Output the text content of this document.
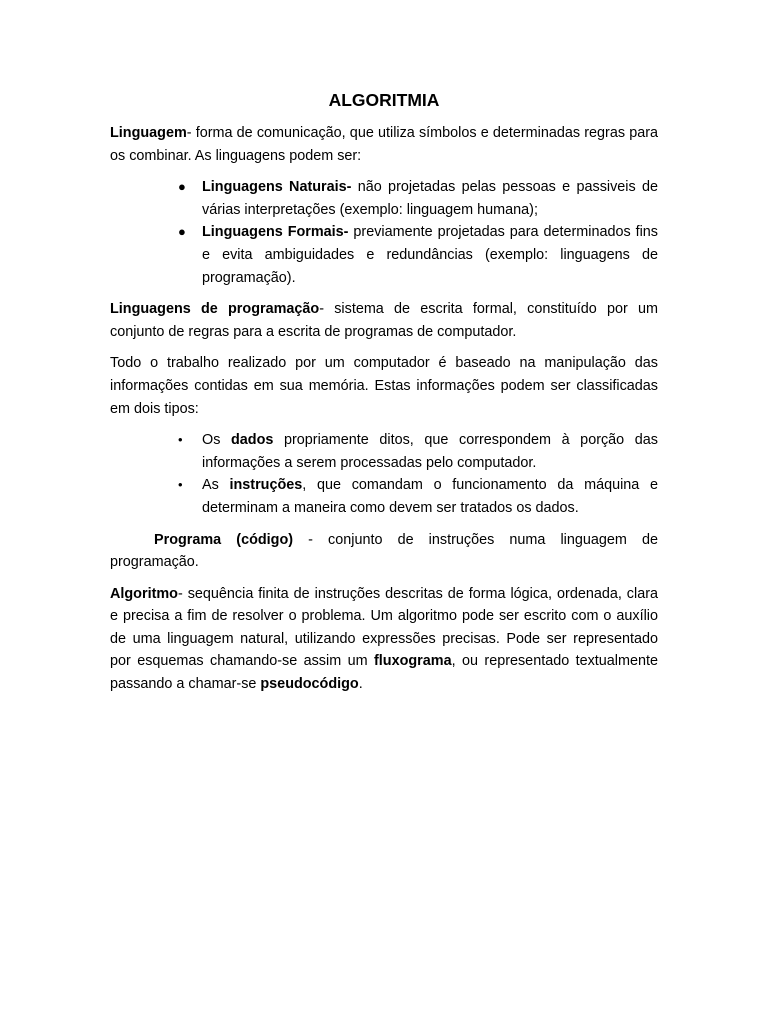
ALGORITMIA

Linguagem- forma de comunicação, que utiliza símbolos e determinadas regras para os combinar. As linguagens podem ser:

● Linguagens Naturais- não projetadas pelas pessoas e passiveis de várias interpretações (exemplo: linguagem humana);
● Linguagens Formais- previamente projetadas para determinados fins e evita ambiguidades e redundâncias (exemplo: linguagens de programação).

Linguagens de programação- sistema de escrita formal, constituído por um conjunto de regras para a escrita de programas de computador.

Todo o trabalho realizado por um computador é baseado na manipulação das informações contidas em sua memória. Estas informações podem ser classificadas em dois tipos:

• Os dados propriamente ditos, que correspondem à porção das informações a serem processadas pelo computador.
• As instruções, que comandam o funcionamento da máquina e determinam a maneira como devem ser tratados os dados.

Programa (código) - conjunto de instruções numa linguagem de programação.

Algoritmo- sequência finita de instruções descritas de forma lógica, ordenada, clara e precisa a fim de resolver o problema. Um algoritmo pode ser escrito com o auxílio de uma linguagem natural, utilizando expressões precisas. Pode ser representado por esquemas chamando-se assim um fluxograma, ou representado textualmente passando a chamar-se pseudocódigo.
